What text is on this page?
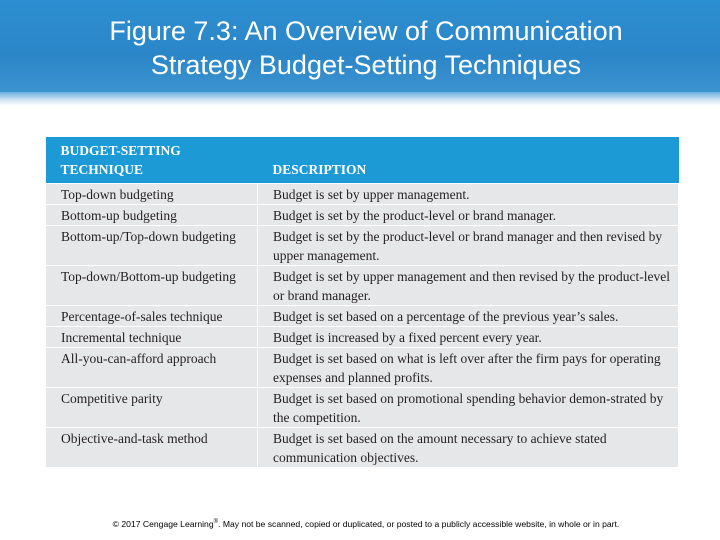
Figure 7.3: An Overview of Communication
Strategy Budget-Setting Techniques
BUDGET-SETTING
TECHNIQUE	DESCRIPTION
Top-down budgeting	Budget is set by upper management.
Bottom-up budgeting	Budget is set by the product-level or brand manager.
Bottom-up/Top-down budgeting	Budget is set by the product-level or brand manager and then revised by upper management.
Top-down/Bottom-up budgeting	Budget is set by upper management and then revised by the product-level or brand manager.
Percentage-of-sales technique	Budget is set based on a percentage of the previous year’s sales.
Incremental technique	Budget is increased by a fixed percent every year.
All-you-can-afford approach	Budget is set based on what is left over after the firm pays for operating expenses and planned profits.
Competitive parity	Budget is set based on promotional spending behavior demon-strated by the competition.
Objective-and-task method	Budget is set based on the amount necessary to achieve stated communication objectives.

© 2017 Cengage Learning®. May not be scanned, copied or duplicated, or posted to a publicly accessible website, in whole or in part.
